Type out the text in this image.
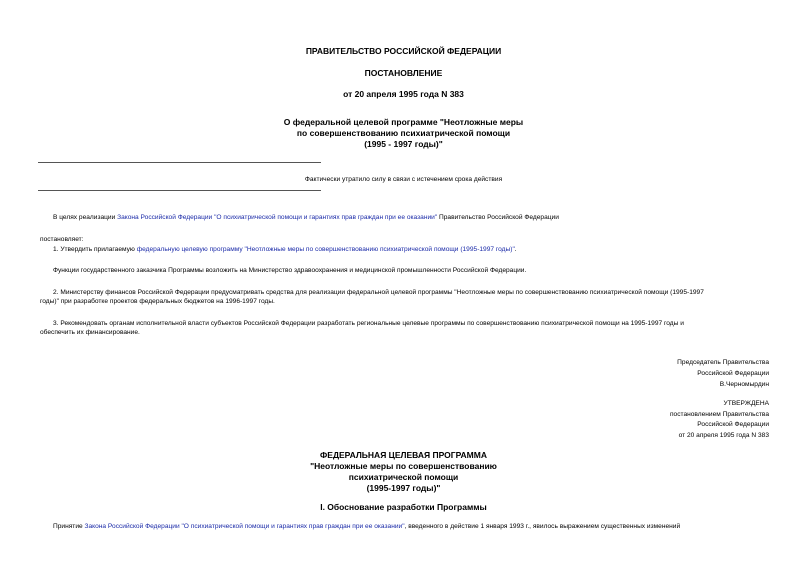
ПРАВИТЕЛЬСТВО РОССИЙСКОЙ ФЕДЕРАЦИИ
ПОСТАНОВЛЕНИЕ
от 20 апреля 1995 года N 383
О федеральной целевой программе "Неотложные меры
по совершенствованию психиатрической помощи
(1995 - 1997 годы)"
Фактически утратило силу в связи с истечением срока действия
В целях реализации Закона Российской Федерации "О психиатрической помощи и гарантиях прав граждан при ее оказании" Правительство Российской Федерации
постановляет:
1. Утвердить прилагаемую федеральную целевую программу "Неотложные меры по совершенствованию психиатрической помощи (1995-1997 годы)".
Функции государственного заказчика Программы возложить на Министерство здравоохранения и медицинской промышленности Российской Федерации.
2. Министерству финансов Российской Федерации предусматривать средства для реализации федеральной целевой программы "Неотложные меры по совершенствованию психиатрической помощи (1995-1997
годы)" при разработке проектов федеральных бюджетов на 1996-1997 годы.
3. Рекомендовать органам исполнительной власти субъектов Российской Федерации разработать региональные целевые программы по совершенствованию психиатрической помощи на 1995-1997 годы и
обеспечить их финансирование.
Председатель Правительства
Российской Федерации
В.Черномырдин
УТВЕРЖДЕНА
постановлением Правительства
Российской Федерации
от 20 апреля 1995 года N 383
ФЕДЕРАЛЬНАЯ ЦЕЛЕВАЯ ПРОГРАММА
"Неотложные меры по совершенствованию
психиатрической помощи
(1995-1997 годы)"
I. Обоснование разработки Программы
Принятие Закона Российской Федерации "О психиатрической помощи и гарантиях прав граждан при ее оказании", введенного в действие 1 января 1993 г., явилось выражением существенных изменений
